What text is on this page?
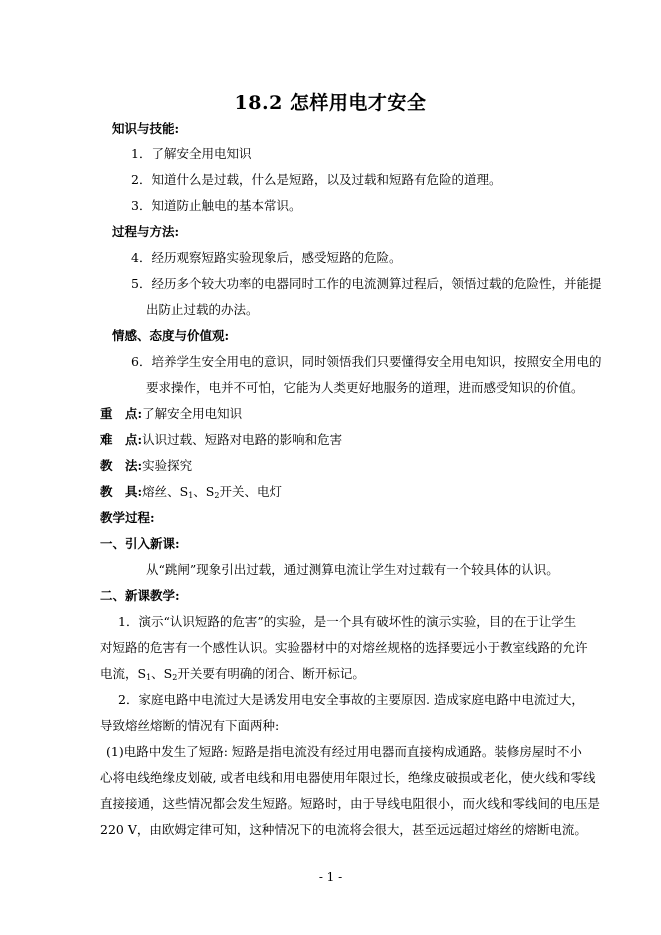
18.2 怎样用电才安全
知识与技能:
1．了解安全用电知识
2．知道什么是过载，什么是短路，以及过载和短路有危险的道理。
3．知道防止触电的基本常识。
过程与方法:
4．经历观察短路实验现象后，感受短路的危险。
5．经历多个较大功率的电器同时工作的电流测算过程后，领悟过载的危险性，并能提
出防止过载的办法。
情感、态度与价值观:
6．培养学生安全用电的意识，同时领悟我们只要懂得安全用电知识，按照安全用电的
要求操作，电并不可怕，它能为人类更好地服务的道理，进而感受知识的价值。
重　点:了解安全用电知识
难　点:认识过载、短路对电路的影响和危害
教　法:实验探究
教　具:熔丝、$S_1$、$S_2$开关、电灯
教学过程:
一、引入新课:
从“跳闸”现象引出过载，通过测算电流让学生对过载有一个较具体的认识。
二、新课教学:
1．演示“认识短路的危害”的实验，是一个具有破坏性的演示实验，目的在于让学生
对短路的危害有一个感性认识。实验器材中的对熔丝规格的选择要远小于教室线路的允许
电流，$S_1$、$S_2$开关要有明确的闭合、断开标记。
2．家庭电路中电流过大是诱发用电安全事故的主要原因. 造成家庭电路中电流过大，
导致熔丝熔断的情况有下面两种:
(1)电路中发生了短路: 短路是指电流没有经过用电器而直接构成通路。装修房屋时不小
心将电线绝缘皮划破, 或者电线和用电器使用年限过长，绝缘皮破损或老化，使火线和零线
直接接通，这些情况都会发生短路。短路时，由于导线电阻很小，而火线和零线间的电压是
220 V，由欧姆定律可知，这种情况下的电流将会很大，甚至远远超过熔丝的熔断电流。
- 1 -
